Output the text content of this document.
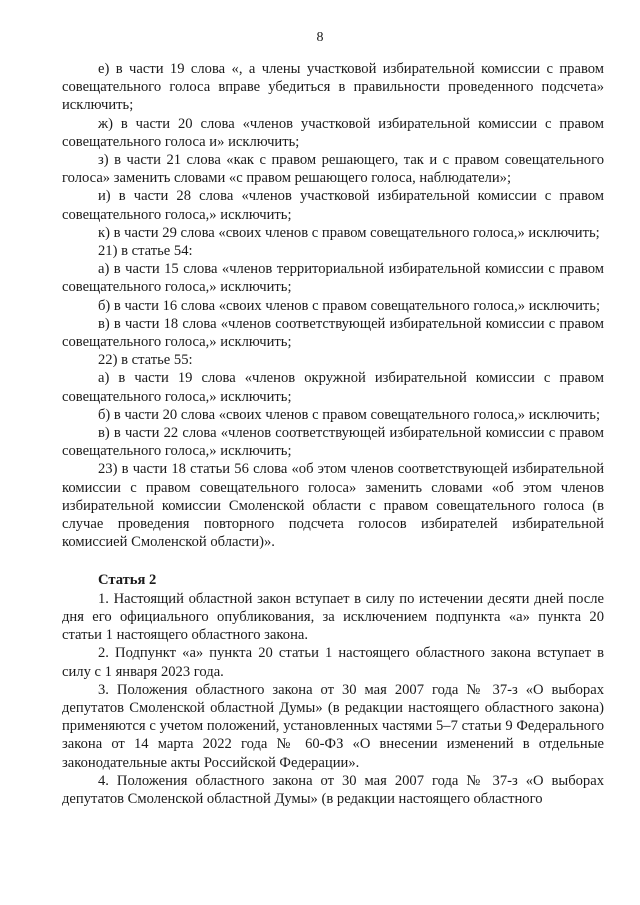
8

е) в части 19 слова «, а члены участковой избирательной комиссии с правом совещательного голоса вправе убедиться в правильности проведенного подсчета» исключить;

ж) в части 20 слова «членов участковой избирательной комиссии с правом совещательного голоса и» исключить;

з) в части 21 слова «как с правом решающего, так и с правом совещательного голоса» заменить словами «с правом решающего голоса, наблюдатели»;

и) в части 28 слова «членов участковой избирательной комиссии с правом совещательного голоса,» исключить;

к) в части 29 слова «своих членов с правом совещательного голоса,» исключить;

21) в статье 54:

а) в части 15 слова «членов территориальной избирательной комиссии с правом совещательного голоса,» исключить;

б) в части 16 слова «своих членов с правом совещательного голоса,» исключить;

в) в части 18 слова «членов соответствующей избирательной комиссии с правом совещательного голоса,» исключить;

22) в статье 55:

а) в части 19 слова «членов окружной избирательной комиссии с правом совещательного голоса,» исключить;

б) в части 20 слова «своих членов с правом совещательного голоса,» исключить;

в) в части 22 слова «членов соответствующей избирательной комиссии с правом совещательного голоса,» исключить;

23) в части 18 статьи 56 слова «об этом членов соответствующей избирательной комиссии с правом совещательного голоса» заменить словами «об этом членов избирательной комиссии Смоленской области с правом совещательного голоса (в случае проведения повторного подсчета голосов избирателей избирательной комиссией Смоленской области)».

Статья 2

1. Настоящий областной закон вступает в силу по истечении десяти дней после дня его официального опубликования, за исключением подпункта «а» пункта 20 статьи 1 настоящего областного закона.

2. Подпункт «а» пункта 20 статьи 1 настоящего областного закона вступает в силу с 1 января 2023 года.

3. Положения областного закона от 30 мая 2007 года № 37-з «О выборах депутатов Смоленской областной Думы» (в редакции настоящего областного закона) применяются с учетом положений, установленных частями 5–7 статьи 9 Федерального закона от 14 марта 2022 года № 60-ФЗ «О внесении изменений в отдельные законодательные акты Российской Федерации».

4. Положения областного закона от 30 мая 2007 года № 37-з «О выборах депутатов Смоленской областной Думы» (в редакции настоящего областного
